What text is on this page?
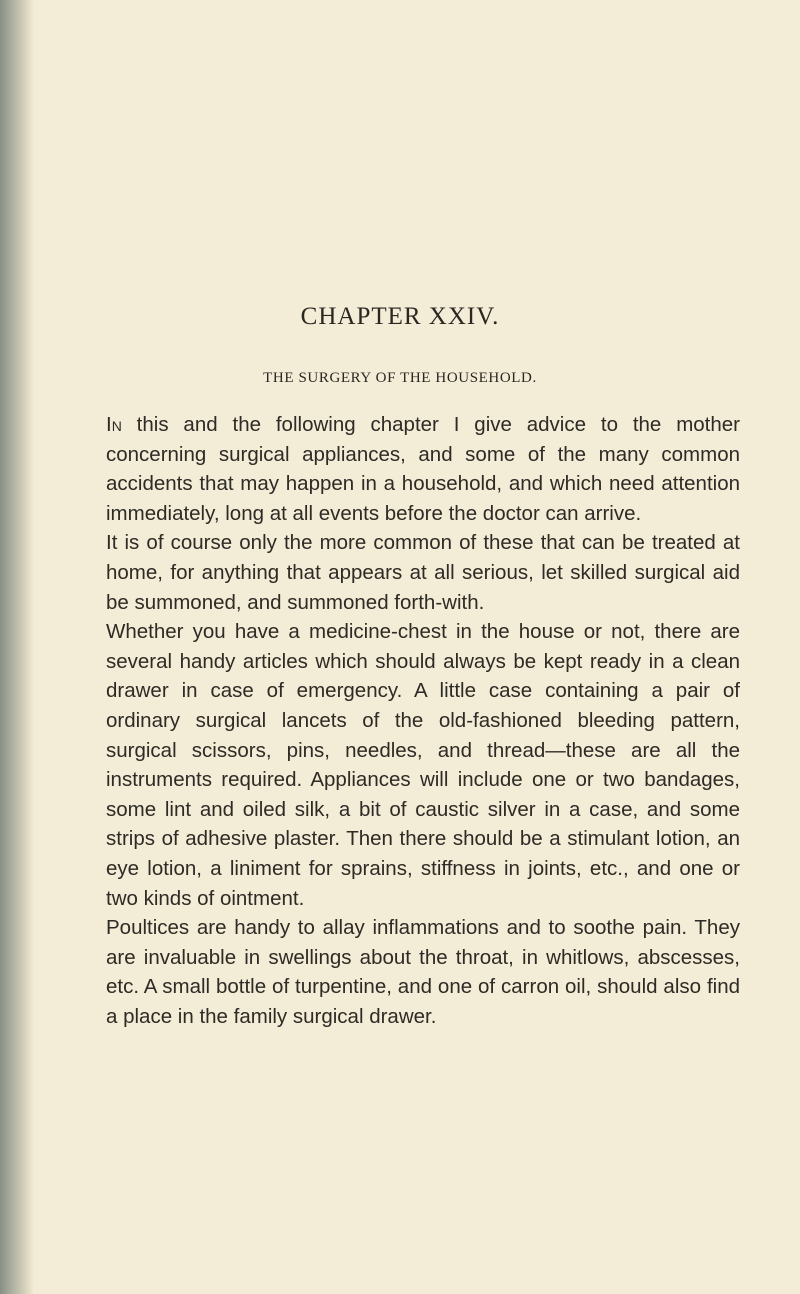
CHAPTER XXIV.
THE SURGERY OF THE HOUSEHOLD.

In this and the following chapter I give advice to the mother concerning surgical appliances, and some of the many common accidents that may happen in a household, and which need attention immediately, long at all events before the doctor can arrive.

It is of course only the more common of these that can be treated at home, for anything that appears at all serious, let skilled surgical aid be summoned, and summoned forth-with.

Whether you have a medicine-chest in the house or not, there are several handy articles which should always be kept ready in a clean drawer in case of emergency. A little case containing a pair of ordinary surgical lancets of the old-fashioned bleeding pattern, surgical scissors, pins, needles, and thread—these are all the instruments required. Appliances will include one or two bandages, some lint and oiled silk, a bit of caustic silver in a case, and some strips of adhesive plaster. Then there should be a stimulant lotion, an eye lotion, a liniment for sprains, stiffness in joints, etc., and one or two kinds of ointment.

Poultices are handy to allay inflammations and to soothe pain. They are invaluable in swellings about the throat, in whitlows, abscesses, etc. A small bottle of turpentine, and one of carron oil, should also find a place in the family surgical drawer.
